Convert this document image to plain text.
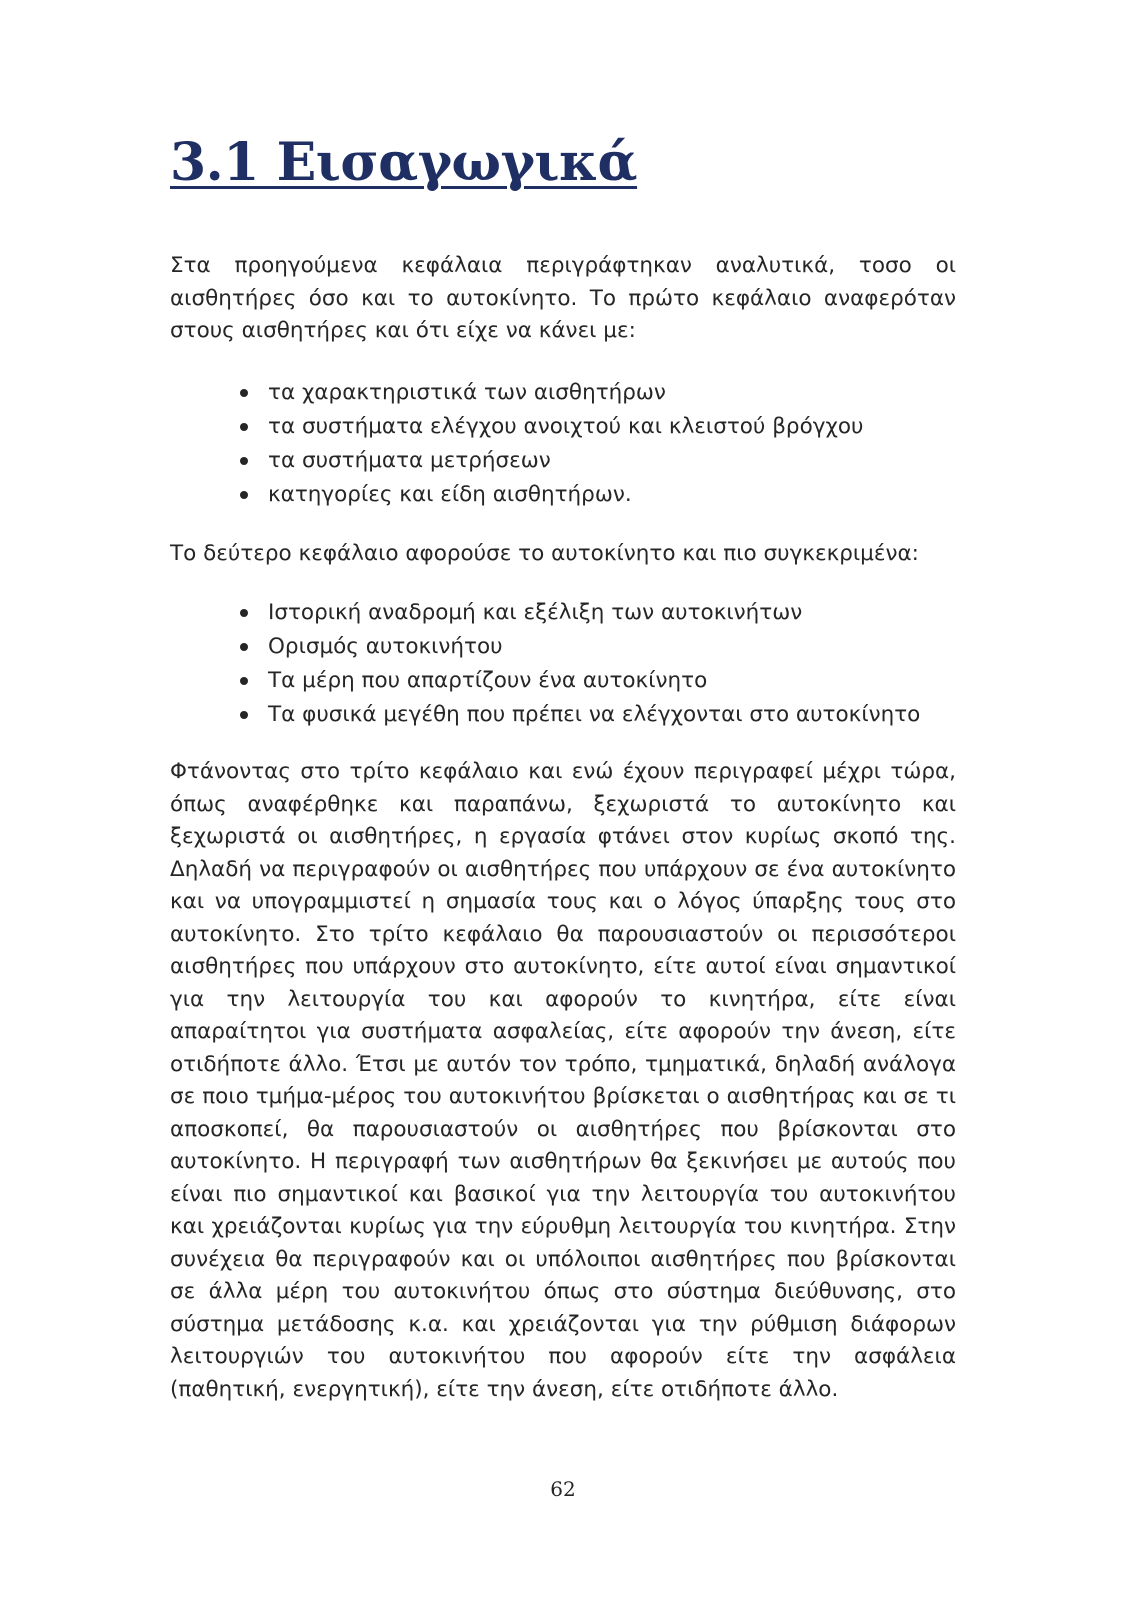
3.1 Εισαγωγικά

Στα προηγούμενα κεφάλαια περιγράφτηκαν αναλυτικά, τοσο οι αισθητήρες όσο και το αυτοκίνητο. Το πρώτο κεφάλαιο αναφερόταν στους αισθητήρες και ότι είχε να κάνει με:

τα χαρακτηριστικά των αισθητήρων
τα συστήματα ελέγχου ανοιχτού και κλειστού βρόγχου
τα συστήματα μετρήσεων
κατηγορίες και είδη αισθητήρων.

Το δεύτερο κεφάλαιο αφορούσε το αυτοκίνητο και πιο συγκεκριμένα:

Ιστορική αναδρομή και εξέλιξη των αυτοκινήτων
Ορισμός αυτοκινήτου
Τα μέρη που απαρτίζουν ένα αυτοκίνητο
Τα φυσικά μεγέθη που πρέπει να ελέγχονται στο αυτοκίνητο

Φτάνοντας στο τρίτο κεφάλαιο και ενώ έχουν περιγραφεί μέχρι τώρα, όπως αναφέρθηκε και παραπάνω, ξεχωριστά το αυτοκίνητο και ξεχωριστά οι αισθητήρες, η εργασία φτάνει στον κυρίως σκοπό της. Δηλαδή να περιγραφούν οι αισθητήρες που υπάρχουν σε ένα αυτοκίνητο και να υπογραμμιστεί η σημασία τους και ο λόγος ύπαρξης τους στο αυτοκίνητο. Στο τρίτο κεφάλαιο θα παρουσιαστούν οι περισσότεροι αισθητήρες που υπάρχουν στο αυτοκίνητο, είτε αυτοί είναι σημαντικοί για την λειτουργία του και αφορούν το κινητήρα, είτε είναι απαραίτητοι για συστήματα ασφαλείας, είτε αφορούν την άνεση, είτε οτιδήποτε άλλο. Έτσι με αυτόν τον τρόπο, τμηματικά, δηλαδή ανάλογα σε ποιο τμήμα-μέρος του αυτοκινήτου βρίσκεται ο αισθητήρας και σε τι αποσκοπεί, θα παρουσιαστούν οι αισθητήρες που βρίσκονται στο αυτοκίνητο. Η περιγραφή των αισθητήρων θα ξεκινήσει με αυτούς που είναι πιο σημαντικοί και βασικοί για την λειτουργία του αυτοκινήτου και χρειάζονται κυρίως για την εύρυθμη λειτουργία του κινητήρα. Στην συνέχεια θα περιγραφούν και οι υπόλοιποι αισθητήρες που βρίσκονται σε άλλα μέρη του αυτοκινήτου όπως στο σύστημα διεύθυνσης, στο σύστημα μετάδοσης κ.α. και χρειάζονται για την ρύθμιση διάφορων λειτουργιών του αυτοκινήτου που αφορούν είτε την ασφάλεια (παθητική, ενεργητική), είτε την άνεση, είτε οτιδήποτε άλλο.

62
